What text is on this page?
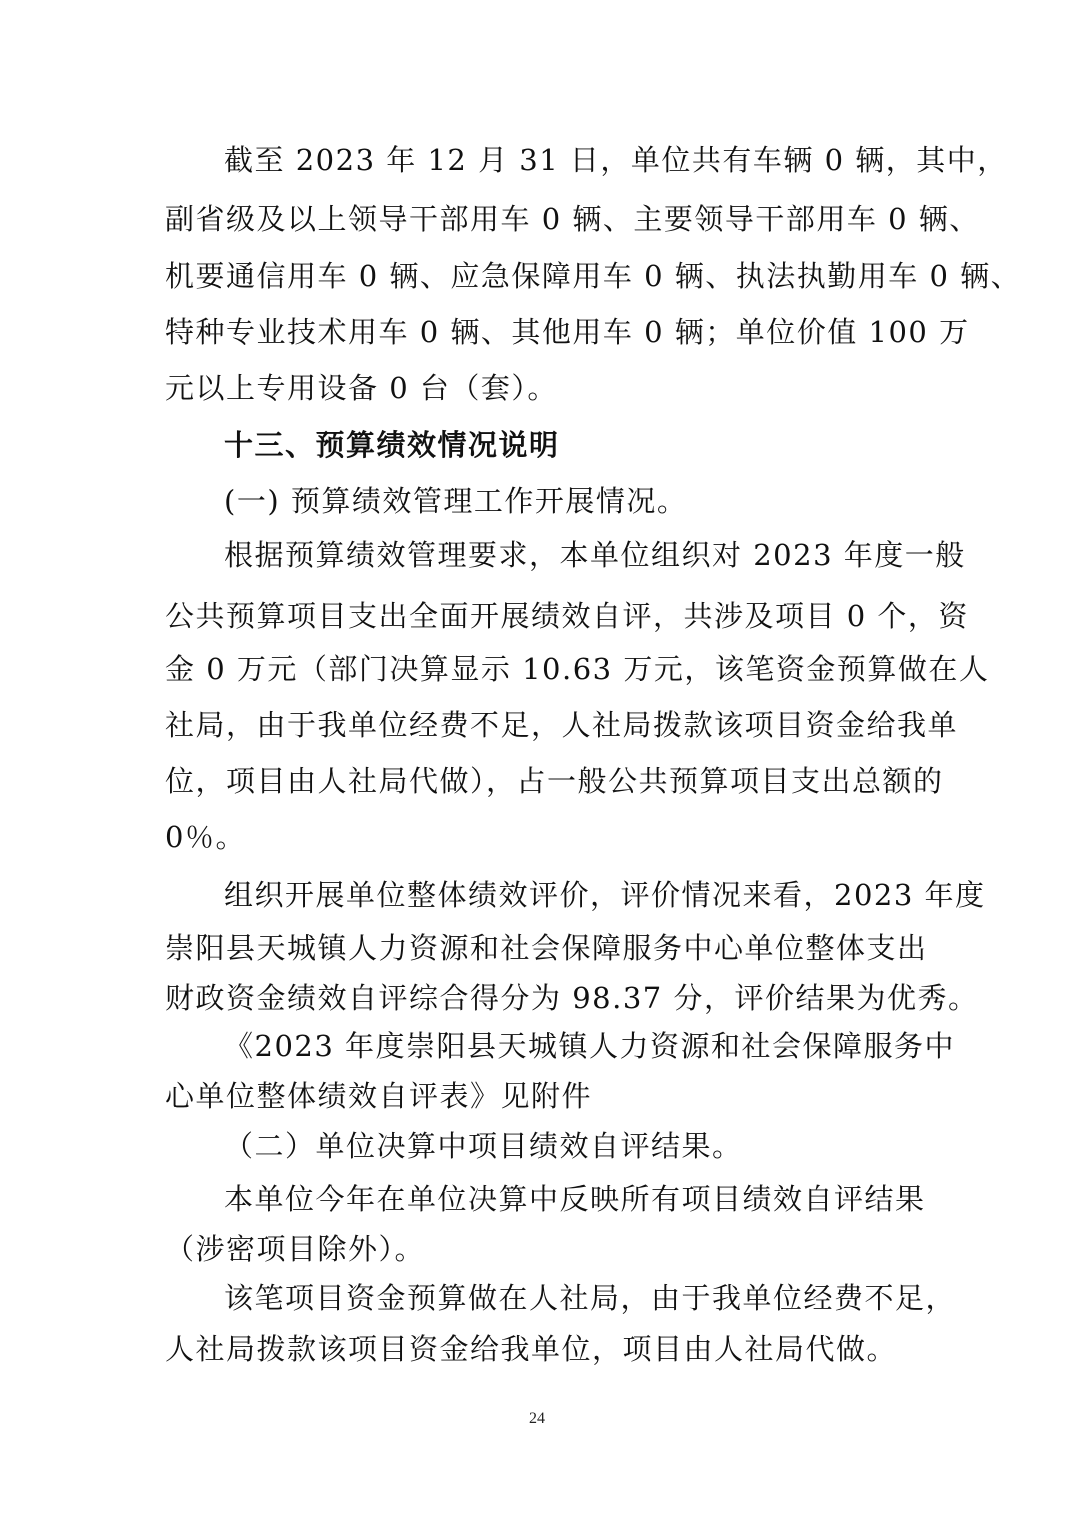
截至 2023 年 12 月 31 日，单位共有车辆 0 辆，其中，
副省级及以上领导干部用车 0 辆、主要领导干部用车 0 辆、
机要通信用车 0 辆、应急保障用车 0 辆、执法执勤用车 0 辆、
特种专业技术用车 0 辆、其他用车 0 辆；单位价值 100 万
元以上专用设备 0 台（套）。
十三、预算绩效情况说明
(一) 预算绩效管理工作开展情况。
根据预算绩效管理要求，本单位组织对 2023 年度一般
公共预算项目支出全面开展绩效自评，共涉及项目 0 个，资
金 0 万元（部门决算显示 10.63 万元，该笔资金预算做在人
社局，由于我单位经费不足，人社局拨款该项目资金给我单
位，项目由人社局代做），占一般公共预算项目支出总额的
0％。
组织开展单位整体绩效评价，评价情况来看，2023 年度
崇阳县天城镇人力资源和社会保障服务中心单位整体支出
财政资金绩效自评综合得分为 98.37 分，评价结果为优秀。
《2023 年度崇阳县天城镇人力资源和社会保障服务中
心单位整体绩效自评表》见附件
（二）单位决算中项目绩效自评结果。
本单位今年在单位决算中反映所有项目绩效自评结果
（涉密项目除外）。
该笔项目资金预算做在人社局，由于我单位经费不足，
人社局拨款该项目资金给我单位，项目由人社局代做。
24
